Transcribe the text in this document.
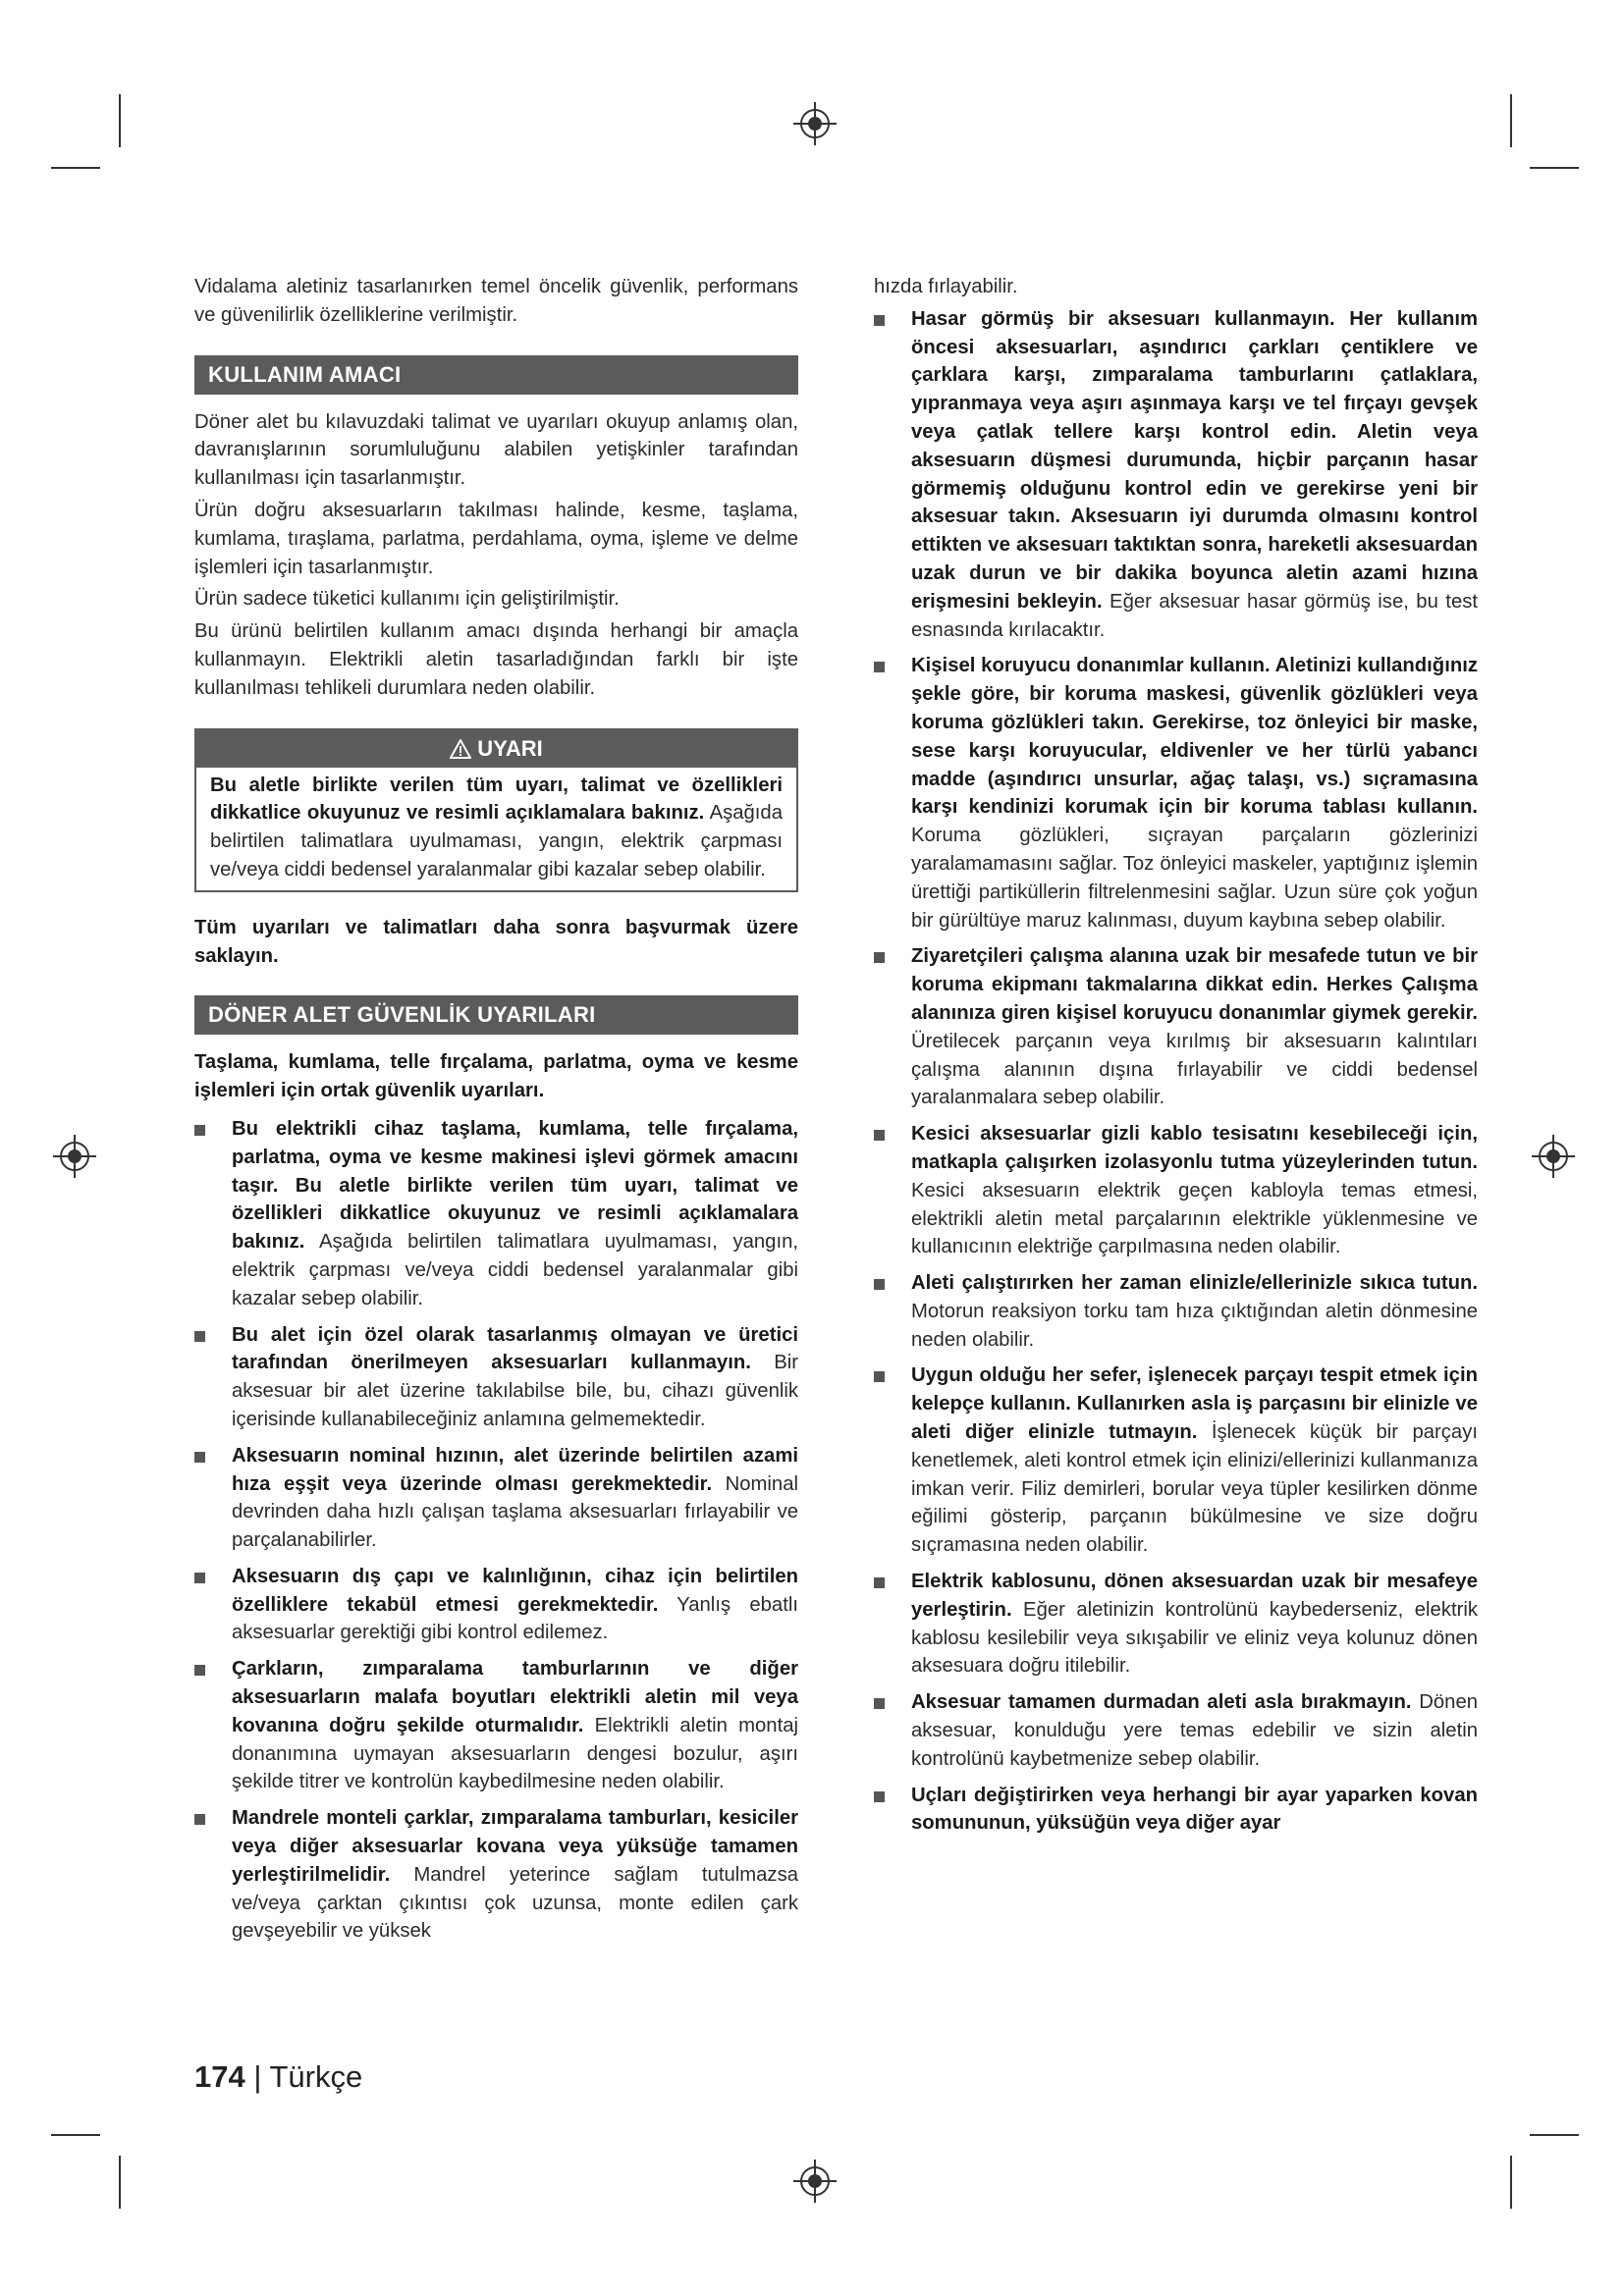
Vidalama aletiniz tasarlanırken temel öncelik güvenlik, performans ve güvenilirlik özelliklerine verilmiştir.

KULLANIM AMACI

Döner alet bu kılavuzdaki talimat ve uyarıları okuyup anlamış olan, davranışlarının sorumluluğunu alabilen yetişkinler tarafından kullanılması için tasarlanmıştır.

Ürün doğru aksesuarların takılması halinde, kesme, taşlama, kumlama, tıraşlama, parlatma, perdahlama, oyma, işleme ve delme işlemleri için tasarlanmıştır.

Ürün sadece tüketici kullanımı için geliştirilmiştir.

Bu ürünü belirtilen kullanım amacı dışında herhangi bir amaçla kullanmayın. Elektrikli aletin tasarladığından farklı bir işte kullanılması tehlikeli durumlara neden olabilir.

UYARI

Bu aletle birlikte verilen tüm uyarı, talimat ve özellikleri dikkatlice okuyunuz ve resimli açıklamalara bakınız. Aşağıda belirtilen talimatlara uyulmaması, yangın, elektrik çarpması ve/veya ciddi bedensel yaralanmalar gibi kazalar sebep olabilir.

Tüm uyarıları ve talimatları daha sonra başvurmak üzere saklayın.

DÖNER ALET GÜVENLİK UYARILARI

Taşlama, kumlama, telle fırçalama, parlatma, oyma ve kesme işlemleri için ortak güvenlik uyarıları.

Bu elektrikli cihaz taşlama, kumlama, telle fırçalama, parlatma, oyma ve kesme makinesi işlevi görmek amacını taşır. Bu aletle birlikte verilen tüm uyarı, talimat ve özellikleri dikkatlice okuyunuz ve resimli açıklamalara bakınız. Aşağıda belirtilen talimatlara uyulmaması, yangın, elektrik çarpması ve/veya ciddi bedensel yaralanmalar gibi kazalar sebep olabilir.
Bu alet için özel olarak tasarlanmış olmayan ve üretici tarafından önerilmeyen aksesuarları kullanmayın. Bir aksesuar bir alet üzerine takılabilse bile, bu, cihazı güvenlik içerisinde kullanabileceğiniz anlamına gelmemektedir.
Aksesuarın nominal hızının, alet üzerinde belirtilen azami hıza eşşit veya üzerinde olması gerekmektedir. Nominal devrinden daha hızlı çalışan taşlama aksesuarları fırlayabilir ve parçalanabilirler.
Aksesuarın dış çapı ve kalınlığının, cihaz için belirtilen özelliklere tekabül etmesi gerekmektedir. Yanlış ebatlı aksesuarlar gerektiği gibi kontrol edilemez.
Çarkların, zımparalama tamburlarının ve diğer aksesuarların malafa boyutları elektrikli aletin mil veya kovanına doğru şekilde oturmalıdır. Elektrikli aletin montaj donanımına uymayan aksesuarların dengesi bozulur, aşırı şekilde titrer ve kontrolün kaybedilmesine neden olabilir.
Mandrele monteli çarklar, zımparalama tamburları, kesiciler veya diğer aksesuarlar kovana veya yüksüğe tamamen yerleştirilmelidir. Mandrel yeterince sağlam tutulmazsa ve/veya çarktan çıkıntısı çok uzunsa, monte edilen çark gevşeyebilir ve yüksek

hızda fırlayabilir.

Hasar görmüş bir aksesuarı kullanmayın. Her kullanım öncesi aksesuarları, aşındırıcı çarkları çentiklere ve çarklara karşı, zımparalama tamburlarını çatlaklara, yıpranmaya veya aşırı aşınmaya karşı ve tel fırçayı gevşek veya çatlak tellere karşı kontrol edin. Aletin veya aksesuarın düşmesi durumunda, hiçbir parçanın hasar görmemiş olduğunu kontrol edin ve gerekirse yeni bir aksesuar takın. Aksesuarın iyi durumda olmasını kontrol ettikten ve aksesuarı taktıktan sonra, hareketli aksesuardan uzak durun ve bir dakika boyunca aletin azami hızına erişmesini bekleyin. Eğer aksesuar hasar görmüş ise, bu test esnasında kırılacaktır.
Kişisel koruyucu donanımlar kullanın. Aletinizi kullandığınız şekle göre, bir koruma maskesi, güvenlik gözlükleri veya koruma gözlükleri takın. Gerekirse, toz önleyici bir maske, sese karşı koruyucular, eldivenler ve her türlü yabancı madde (aşındırıcı unsurlar, ağaç talaşı, vs.) sıçramasına karşı kendinizi korumak için bir koruma tablası kullanın. Koruma gözlükleri, sıçrayan parçaların gözlerinizi yaralamamasını sağlar. Toz önleyici maskeler, yaptığınız işlemin ürettiği partiküllerin filtrelenmesini sağlar. Uzun süre çok yoğun bir gürültüye maruz kalınması, duyum kaybına sebep olabilir.
Ziyaretçileri çalışma alanına uzak bir mesafede tutun ve bir koruma ekipmanı takmalarına dikkat edin. Herkes Çalışma alanınıza giren kişisel koruyucu donanımlar giymek gerekir. Üretilecek parçanın veya kırılmış bir aksesuarın kalıntıları çalışma alanının dışına fırlayabilir ve ciddi bedensel yaralanmalara sebep olabilir.
Kesici aksesuarlar gizli kablo tesisatını kesebileceği için, matkapla çalışırken izolasyonlu tutma yüzeylerinden tutun. Kesici aksesuarın elektrik geçen kabloyla temas etmesi, elektrikli aletin metal parçalarının elektrikle yüklenmesine ve kullanıcının elektriğe çarpılmasına neden olabilir.
Aleti çalıştırırken her zaman elinizle/ellerinizle sıkıca tutun. Motorun reaksiyon torku tam hıza çıktığından aletin dönmesine neden olabilir.
Uygun olduğu her sefer, işlenecek parçayı tespit etmek için kelepçe kullanın. Kullanırken asla iş parçasını bir elinizle ve aleti diğer elinizle tutmayın. İşlenecek küçük bir parçayı kenetlemek, aleti kontrol etmek için elinizi/ellerinizi kullanmanıza imkan verir. Filiz demirleri, borular veya tüpler kesilirken dönme eğilimi gösterip, parçanın bükülmesine ve size doğru sıçramasına neden olabilir.
Elektrik kablosunu, dönen aksesuardan uzak bir mesafeye yerleştirin. Eğer aletinizin kontrolünü kaybederseniz, elektrik kablosu kesilebilir veya sıkışabilir ve eliniz veya kolunuz dönen aksesuara doğru itilebilir.
Aksesuar tamamen durmadan aleti asla bırakmayın. Dönen aksesuar, konulduğu yere temas edebilir ve sizin aletin kontrolünü kaybetmenize sebep olabilir.
Uçları değiştirirken veya herhangi bir ayar yaparken kovan somununun, yüksüğün veya diğer ayar
174 | Türkçe
